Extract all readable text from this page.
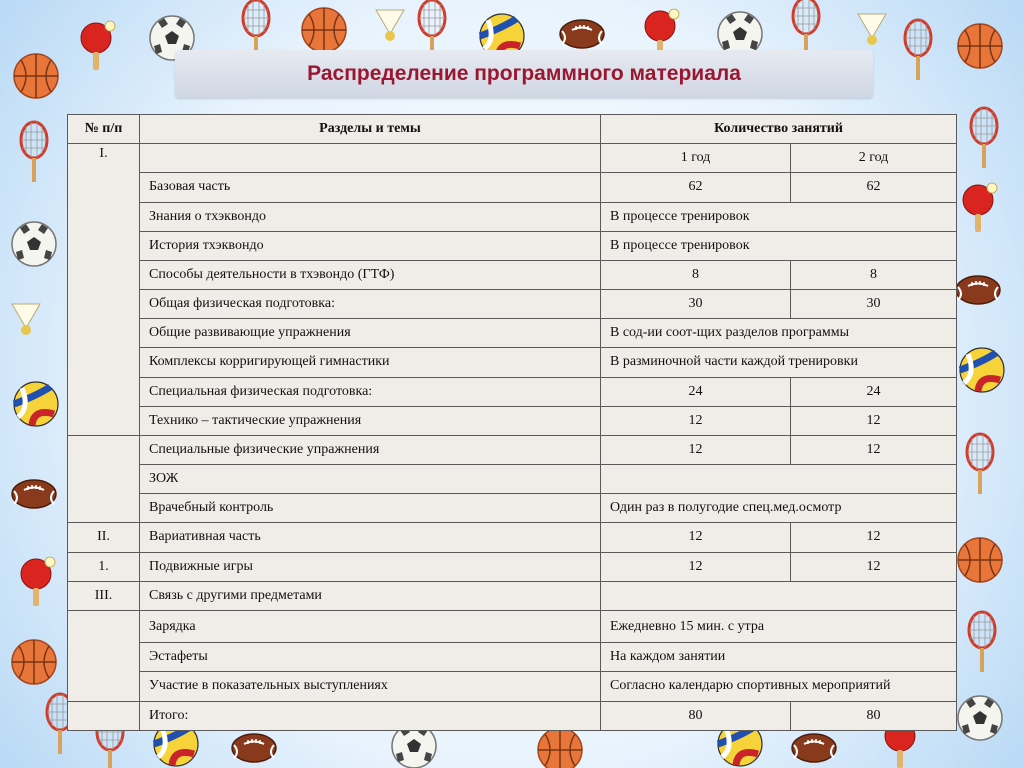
Распределение программного материала
№ п/п	Разделы и темы	Количество занятий	
I.		1 год	2 год
	Базовая часть	62	62
	Знания о тхэквондо	В процессе тренировок	
	История тхэквондо	В процессе тренировок	
	Способы деятельности в тхэвондо (ГТФ)	8	8
	Общая физическая подготовка:	30	30
	Общие развивающие упражнения	В сод-ии соот-щих разделов программы	
	Комплексы корригирующей гимнастики	В разминочной части каждой тренировки	
	Специальная физическая подготовка:	24	24
	Технико – тактические упражнения	12	12
	Специальные физические упражнения	12	12
	ЗОЖ		
	Врачебный контроль	Один раз в полугодие спец.мед.осмотр	
II.	Вариативная часть	12	12
1.	Подвижные игры	12	12
III.	Связь с другими предметами		
	Зарядка	Ежедневно 15 мин. с утра	
	Эстафеты	На каждом занятии	
	Участие в показательных выступлениях	Согласно календарю спортивных мероприятий	
	Итого:	80	80
